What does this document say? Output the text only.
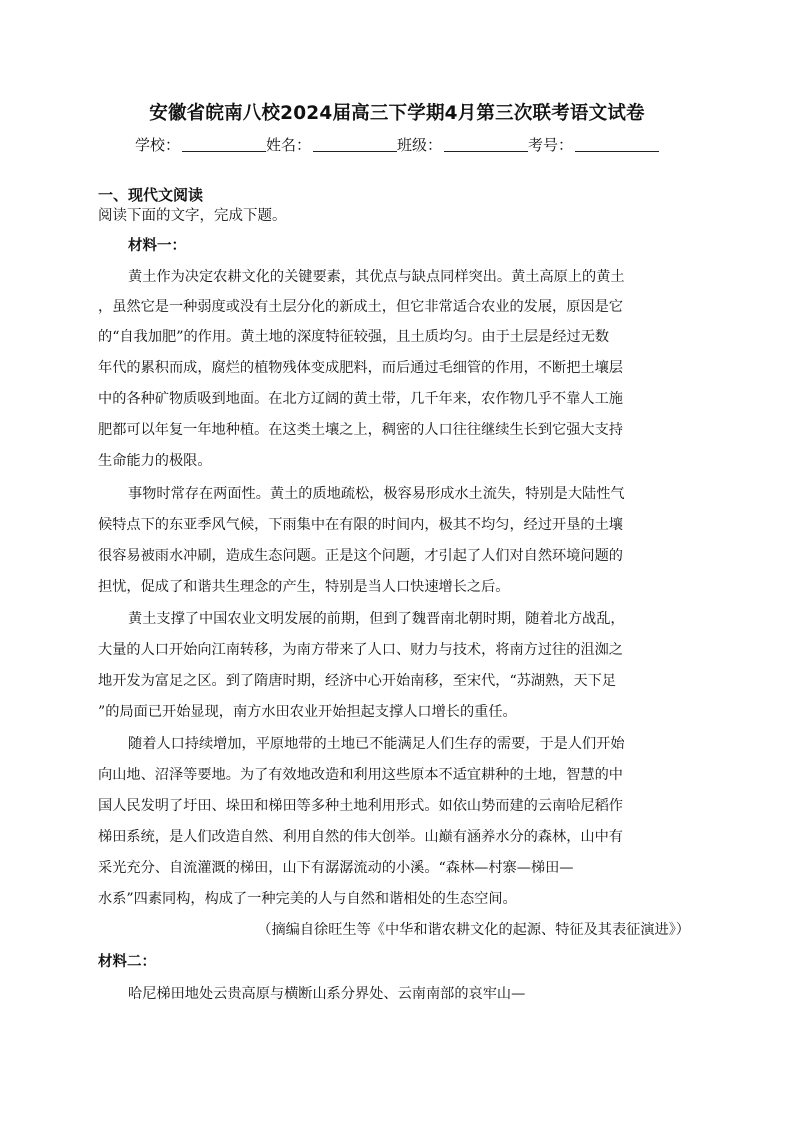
安徽省皖南八校2024届高三下学期4月第三次联考语文试卷
学校：	姓名：	班级：	考号：
一、现代文阅读
阅读下面的文字，完成下题。
材料一：
黄土作为决定农耕文化的关键要素，其优点与缺点同样突出。黄土高原上的黄土
，虽然它是一种弱度或没有土层分化的新成土，但它非常适合农业的发展，原因是它
的“自我加肥”的作用。黄土地的深度特征较强，且土质均匀。由于土层是经过无数
年代的累积而成，腐烂的植物残体变成肥料，而后通过毛细管的作用，不断把土壤层
中的各种矿物质吸到地面。在北方辽阔的黄土带，几千年来，农作物几乎不靠人工施
肥都可以年复一年地种植。在这类土壤之上，稠密的人口往往继续生长到它强大支持
生命能力的极限。
事物时常存在两面性。黄土的质地疏松，极容易形成水土流失，特别是大陆性气
候特点下的东亚季风气候，下雨集中在有限的时间内，极其不均匀，经过开垦的土壤
很容易被雨水冲刷，造成生态问题。正是这个问题，才引起了人们对自然环境问题的
担忧，促成了和谐共生理念的产生，特别是当人口快速增长之后。
黄土支撑了中国农业文明发展的前期，但到了魏晋南北朝时期，随着北方战乱，
大量的人口开始向江南转移，为南方带来了人口、财力与技术，将南方过往的沮洳之
地开发为富足之区。到了隋唐时期，经济中心开始南移，至宋代，“苏湖熟，天下足
”的局面已开始显现，南方水田农业开始担起支撑人口增长的重任。
随着人口持续增加，平原地带的土地已不能满足人们生存的需要，于是人们开始
向山地、沼泽等要地。为了有效地改造和利用这些原本不适宜耕种的土地，智慧的中
国人民发明了圩田、垛田和梯田等多种土地利用形式。如依山势而建的云南哈尼稻作
梯田系统，是人们改造自然、利用自然的伟大创举。山巅有涵养水分的森林，山中有
采光充分、自流灌溉的梯田，山下有潺潺流动的小溪。“森林—村寨—梯田—
水系”四素同构，构成了一种完美的人与自然和谐相处的生态空间。
（摘编自徐旺生等《中华和谐农耕文化的起源、特征及其表征演进》）
材料二：
哈尼梯田地处云贵高原与横断山系分界处、云南南部的哀牢山—
